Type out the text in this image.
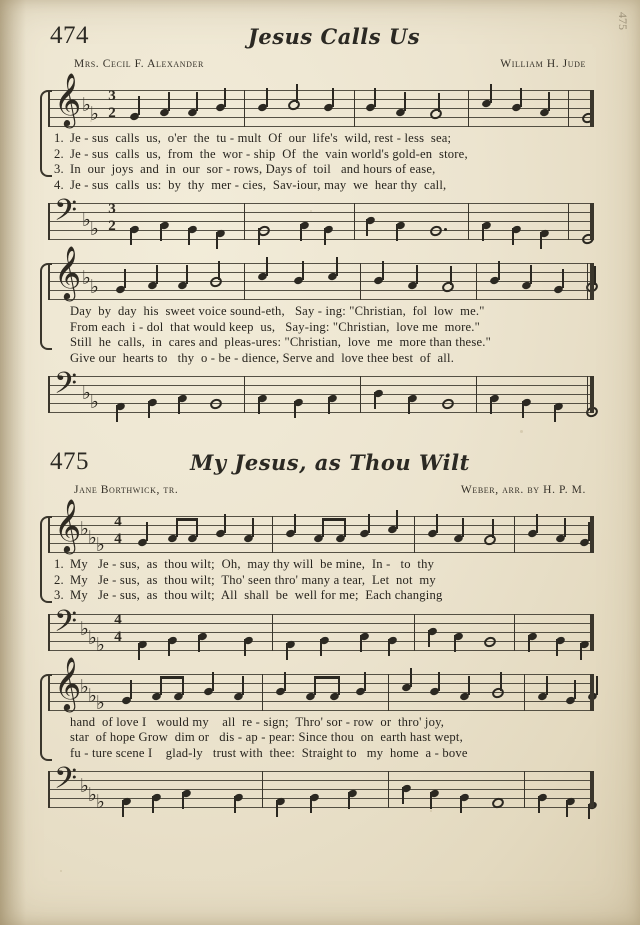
475
474	Jesus Calls Us
Mrs. Cecil F. Alexander	William H. Jude
𝄞 ♭ ♭
3
2
1. Je - sus  calls  us,  o'er  the  tu - mult  Of  our  life's  wild, rest - less  sea;
2. Je - sus  calls  us,  from  the  wor - ship  Of  the  vain world's gold-en  store,
3. In  our  joys  and  in  our  sor - rows, Days of  toil   and hours of ease,
4. Je - sus  calls  us:  by  thy  mer - cies,  Sav-iour, may  we  hear thy  call,
𝄢 ♭ ♭
3
2
𝄞 ♭ ♭
Day  by  day  his  sweet voice sound-eth,   Say - ing: "Christian,  fol  low  me."
From each  i - dol  that would keep  us,   Say-ing: "Christian,  love me  more."
Still  he  calls,  in  cares and  pleas-ures: "Christian,  love  me  more than these."
Give our  hearts to   thy  o - be - dience, Serve and  love thee best  of  all.
𝄢 ♭ ♭
475	My Jesus, as Thou Wilt
Jane Borthwick, tr.	Weber, arr. by H. P. M.
𝄞
♭ ♭ ♭
4
4
1. My   Je - sus,  as  thou wilt;  Oh,  may thy will  be mine,  In -   to  thy
2. My   Je - sus,  as  thou wilt;  Tho' seen thro' many a tear,  Let  not  my
3. My   Je - sus,  as  thou wilt;  All  shall  be  well for me;  Each changing
𝄢 ♭ ♭ ♭
4
4
𝄞
♭ ♭ ♭
hand  of love I   would my    all  re - sign;  Thro' sor - row  or  thro' joy,
star  of hope Grow  dim or   dis - ap - pear: Since thou  on  earth hast wept,
fu - ture scene I    glad-ly   trust with  thee:  Straight to   my  home  a - bove
𝄢 ♭ ♭ ♭
